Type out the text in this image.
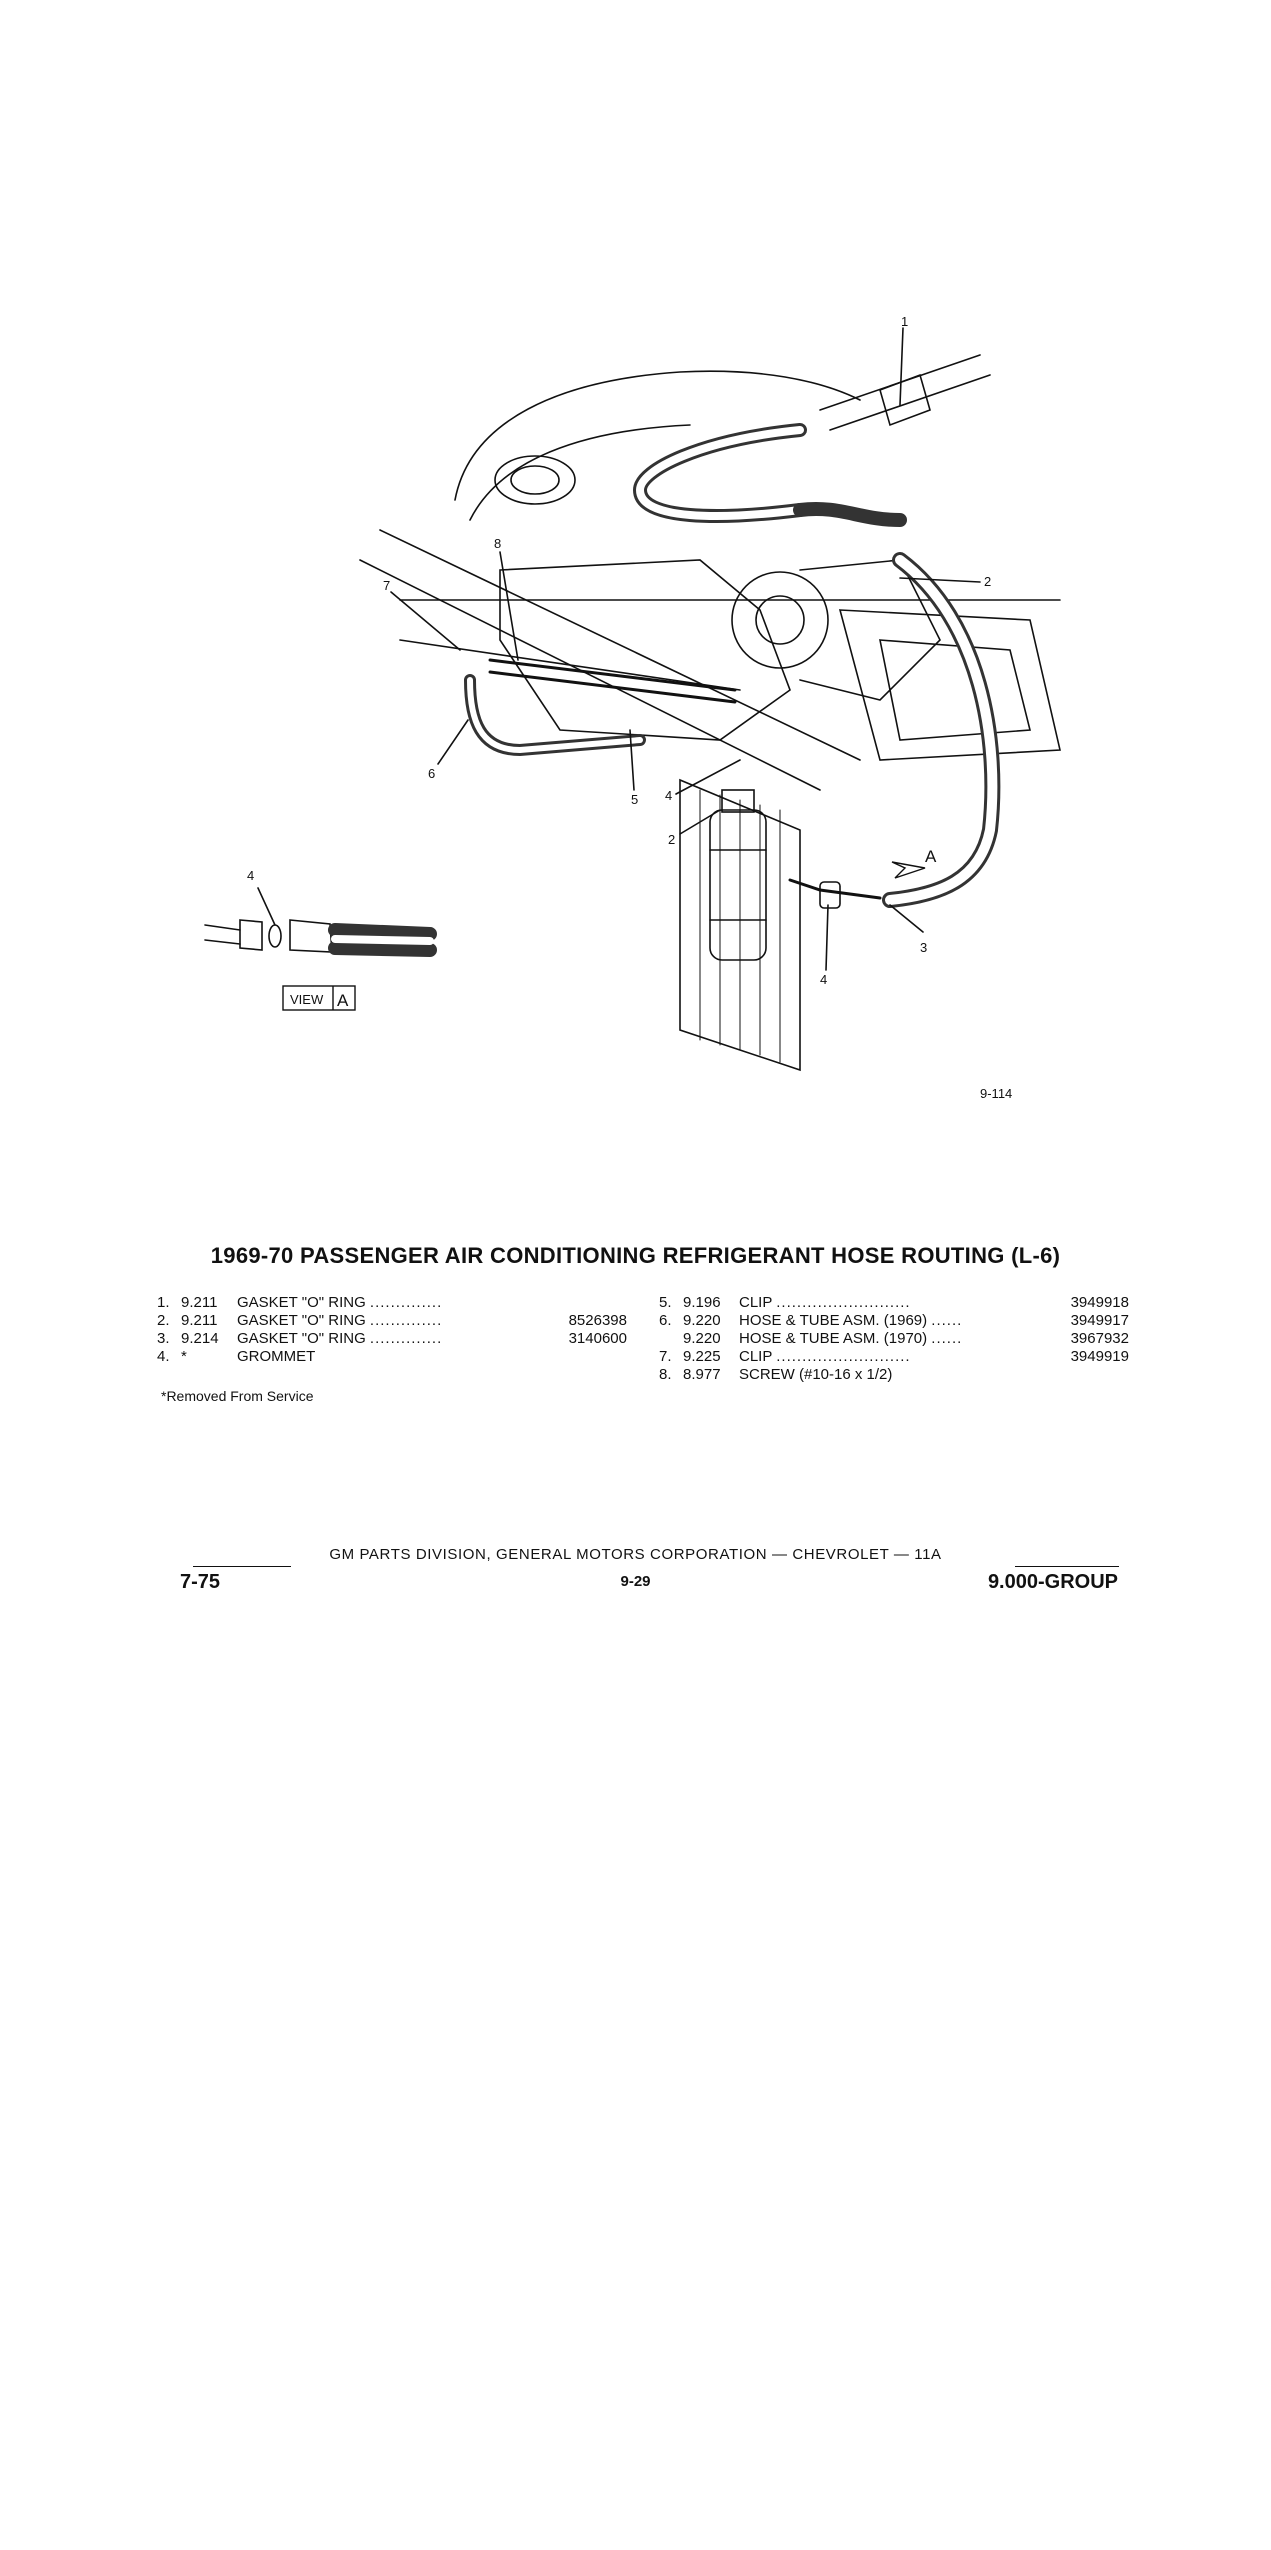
VIEW A
A
1
2
2
3
4
4
4
5
6
7
8
9-114
1969-70 PASSENGER AIR CONDITIONING REFRIGERANT HOSE ROUTING (L-6)
1. 9.211 GASKET "O" RING ..............
2. 9.211 GASKET "O" RING ..............	8526398
3. 9.214 GASKET "O" RING ..............	3140600
4. *	GROMMET
5. 9.196 CLIP ..........................	3949918
6. 9.220 HOSE & TUBE ASM. (1969) ......	3949917
9.220 HOSE & TUBE ASM. (1970) ......	3967932
7. 9.225 CLIP ..........................	3949919
8. 8.977 SCREW (#10-16 x 1/2)
*Removed From Service
GM PARTS DIVISION, GENERAL MOTORS CORPORATION — CHEVROLET — 11A
7-75	9-29	9.000-GROUP
